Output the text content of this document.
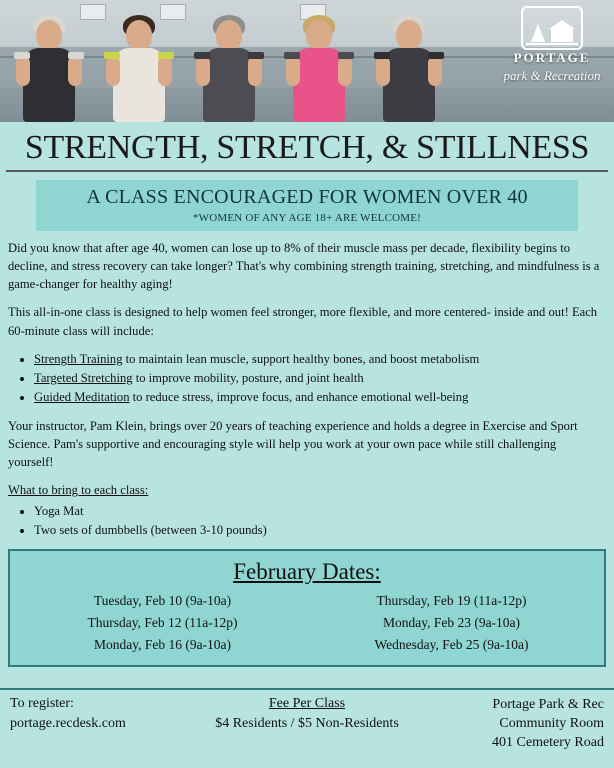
PORTAGE
park & Recreation
STRENGTH, STRETCH, & STILLNESS
A CLASS ENCOURAGED FOR WOMEN OVER 40
*WOMEN OF ANY AGE 18+ ARE WELCOME!

Did you know that after age 40, women can lose up to 8% of their muscle mass per decade, flexibility begins to decline, and stress recovery can take longer? That's why combining strength training, stretching, and mindfulness is a game-changer for healthy aging!

This all-in-one class is designed to help women feel stronger, more flexible, and more centered- inside and out! Each 60-minute class will include:

• Strength Training to maintain lean muscle, support healthy bones, and boost metabolism
• Targeted Stretching to improve mobility, posture, and joint health
• Guided Meditation to reduce stress, improve focus, and enhance emotional well-being

Your instructor, Pam Klein, brings over 20 years of teaching experience and holds a degree in Exercise and Sport Science. Pam's supportive and encouraging style will help you work at your own pace while still challenging yourself!

What to bring to each class:
• Yoga Mat
• Two sets of dumbbells (between 3-10 pounds)
February Dates:
Tuesday, Feb 10 (9a-10a)	Thursday, Feb 19 (11a-12p)
Thursday, Feb 12 (11a-12p)	Monday, Feb 23 (9a-10a)
Monday, Feb 16 (9a-10a)	Wednesday, Feb 25 (9a-10a)
To register:
portage.recdesk.com
Fee Per Class
$4 Residents / $5 Non-Residents
Portage Park & Rec
Community Room
401 Cemetery Road
